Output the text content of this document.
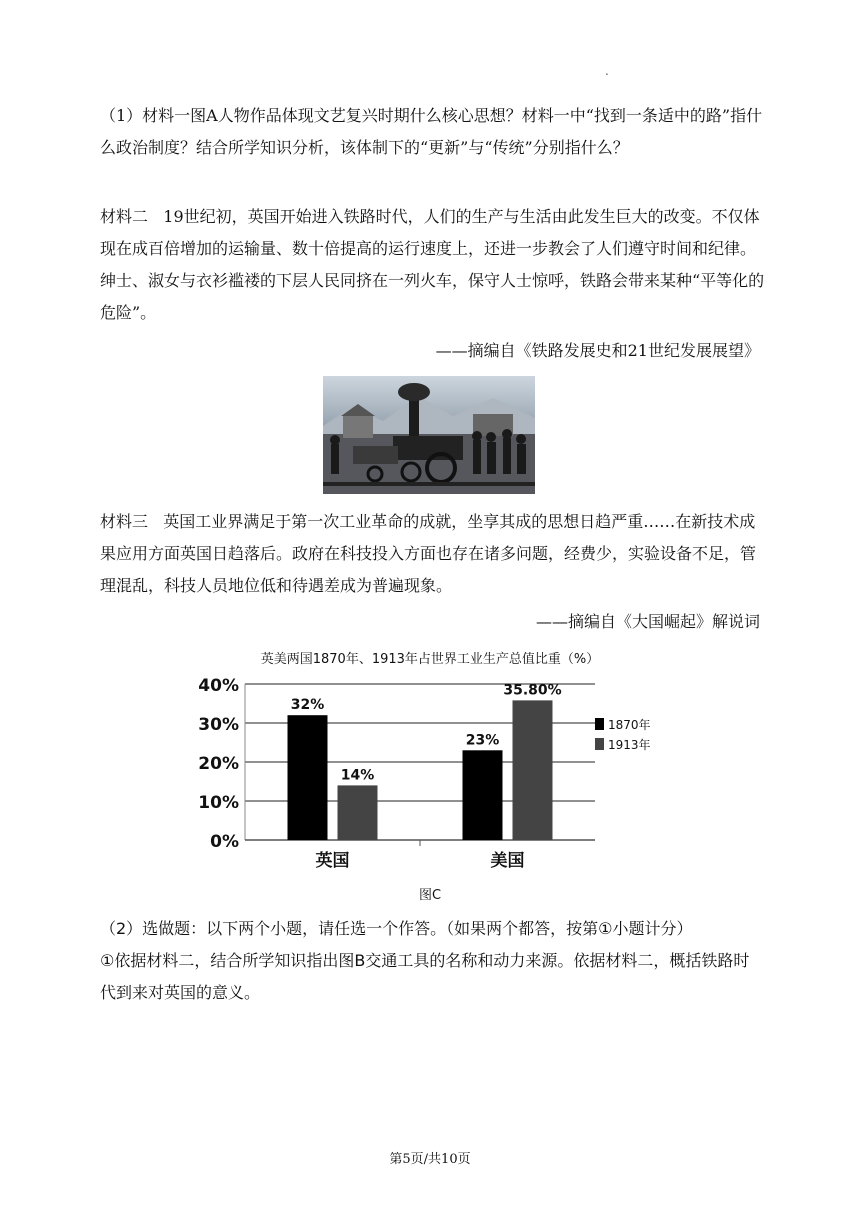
.

（1）材料一图A人物作品体现文艺复兴时期什么核心思想？材料一中“找到一条适中的路”指什么政治制度？结合所学知识分析，该体制下的“更新”与“传统”分别指什么？

材料二 19世纪初，英国开始进入铁路时代，人们的生产与生活由此发生巨大的改变。不仅体现在成百倍增加的运输量、数十倍提高的运行速度上，还进一步教会了人们遵守时间和纪律。绅士、淑女与衣衫褴褛的下层人民同挤在一列火车，保守人士惊呼，铁路会带来某种“平等化的危险”。

——摘编自《铁路发展史和21世纪发展展望》

材料三 英国工业界满足于第一次工业革命的成就，坐享其成的思想日趋严重……在新技术成果应用方面英国日趋落后。政府在科技投入方面也存在诸多问题，经费少，实验设备不足，管理混乱，科技人员地位低和待遇差成为普遍现象。

——摘编自《大国崛起》解说词
英美两国1870年、1913年占世界工业生产总值比重（%）
0%
10%
20%
30%
40%
32%
14%
英国
23%
35.80%
美国
1870年
1913年
图C

（2）选做题：以下两个小题，请任选一个作答。（如果两个都答，按第①小题计分）

①依据材料二，结合所学知识指出图B交通工具的名称和动力来源。依据材料二，概括铁路时代到来对英国的意义。

第5页/共10页
